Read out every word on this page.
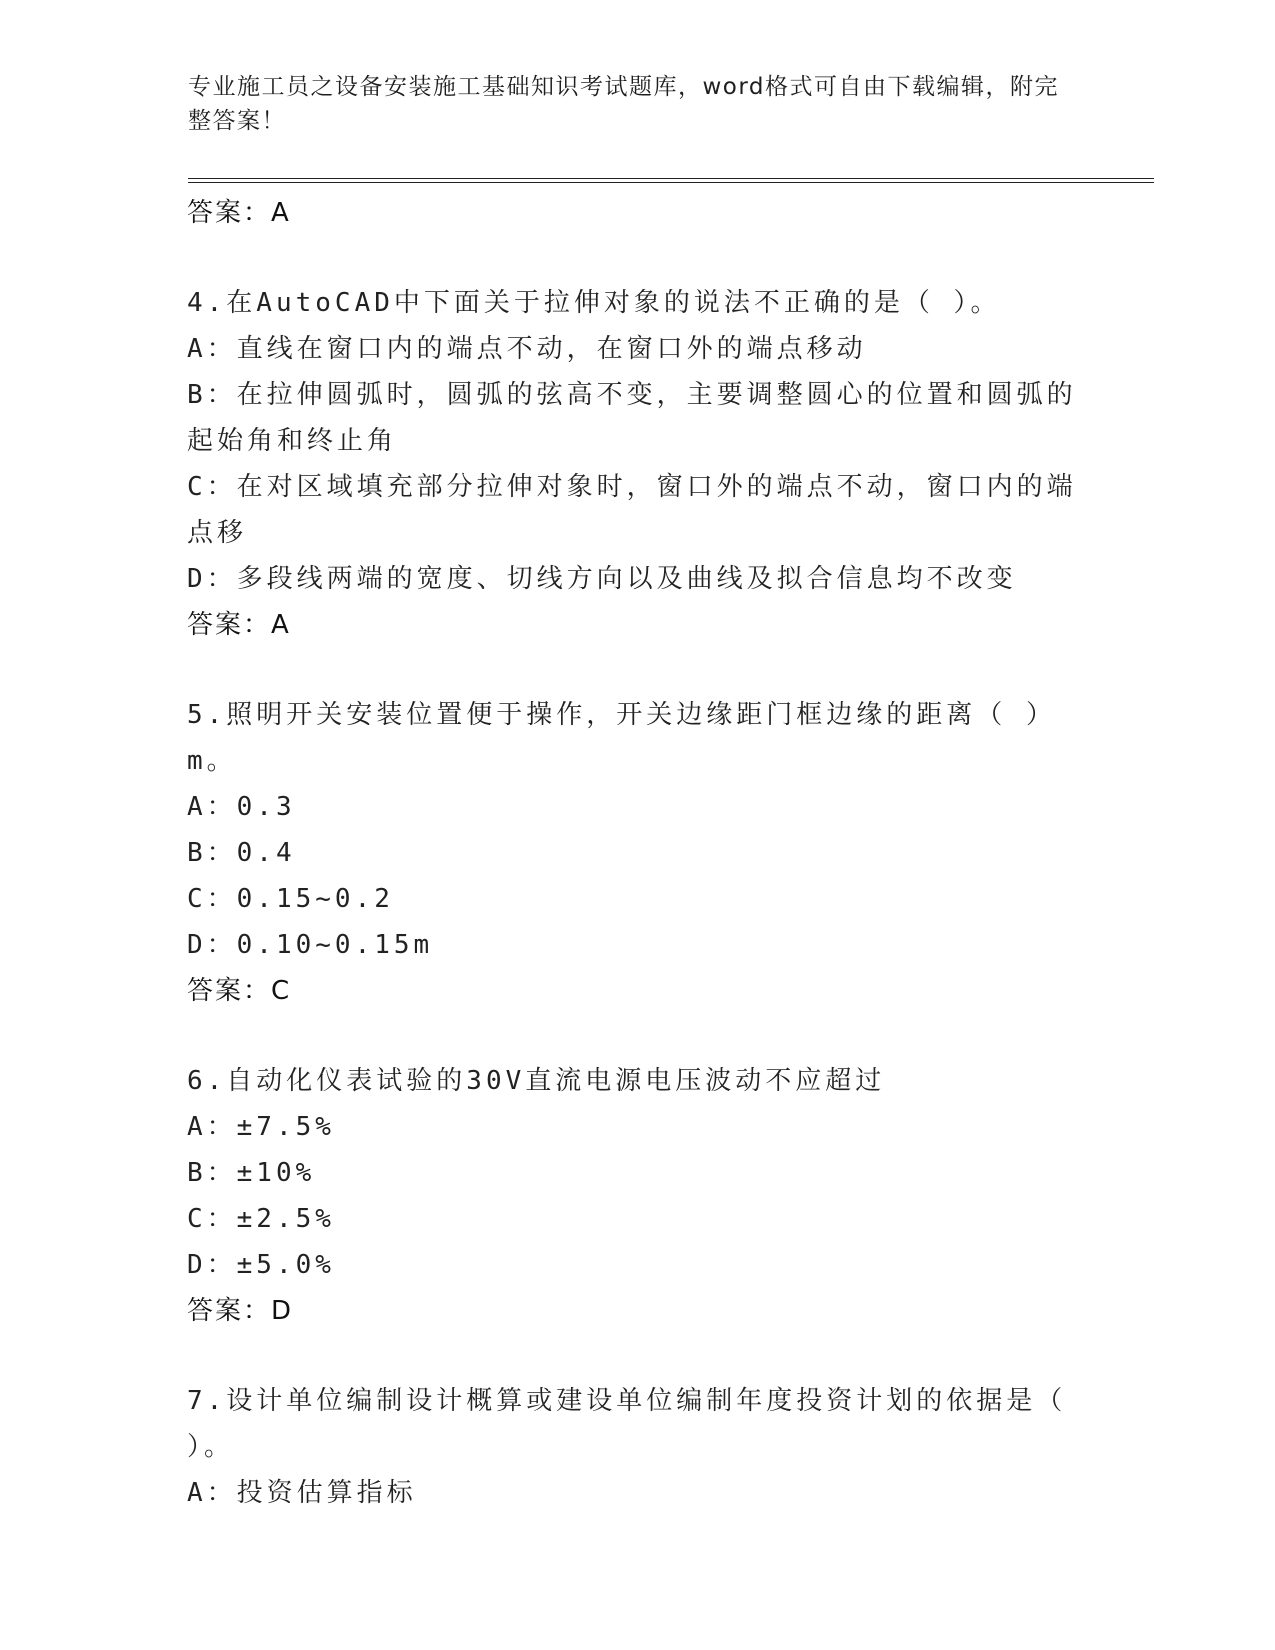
专业施工员之设备安装施工基础知识考试题库，word格式可自由下载编辑，附完整答案！
答案：A
4.在AutoCAD中下面关于拉伸对象的说法不正确的是（ ）。
A：直线在窗口内的端点不动，在窗口外的端点移动
B：在拉伸圆弧时，圆弧的弦高不变，主要调整圆心的位置和圆弧的起始角和终止角
C：在对区域填充部分拉伸对象时，窗口外的端点不动，窗口内的端点移
D：多段线两端的宽度、切线方向以及曲线及拟合信息均不改变
答案：A
5.照明开关安装位置便于操作，开关边缘距门框边缘的距离（ ）m。
A：0.3
B：0.4
C：0.15~0.2
D：0.10~0.15m
答案：C
6.自动化仪表试验的30V直流电源电压波动不应超过
A：±7.5%
B：±10%
C：±2.5%
D：±5.0%
答案：D
7.设计单位编制设计概算或建设单位编制年度投资计划的依据是（ ）。
A：投资估算指标
